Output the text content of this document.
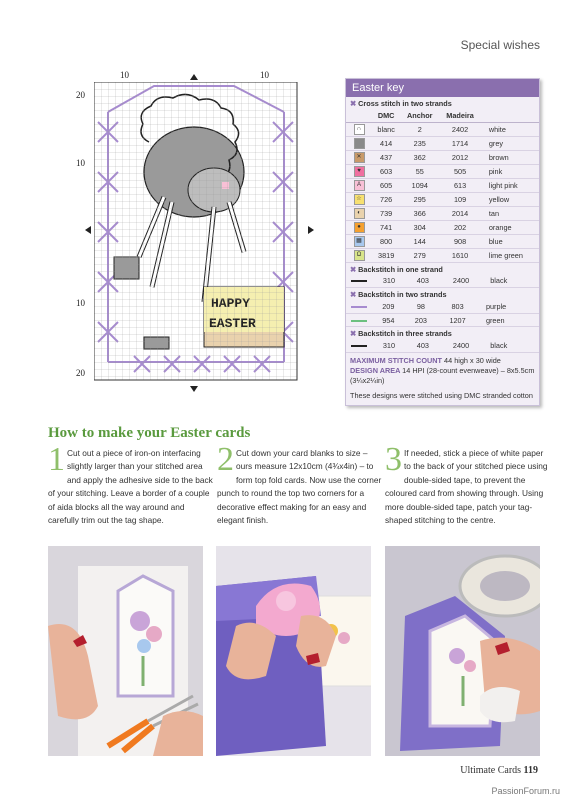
Special wishes
10	10
20
10
10
20
Easter key
✖ Cross stitch in two strands
	DMC	Anchor	Madeira	
∩	blanc	2	2402	white
	414	235	1714	grey
✕	437	362	2012	brown
♥	603	55	505	pink
A	605	1094	613	light pink
☆	726	295	109	yellow
◐	739	366	2014	tan
●	741	304	202	orange
▦	800	144	908	blue
Ω	3819	279	1610	lime green
✖ Backstitch in one strand
	310	403	2400	black
✖ Backstitch in two strands
	209	98	803	purple
	954	203	1207	green
✖ Backstitch in three strands
	310	403	2400	black
MAXIMUM STITCH COUNT 44 high x 30 wide
DESIGN AREA 14 HPI (28-count evenweave) – 8x5.5cm (3¼x2¼in)
These designs were stitched using DMC stranded cotton
How to make your Easter cards
1 Cut out a piece of iron-on interfacing slightly larger than your stitched area and apply the adhesive side to the back of your stitching. Leave a border of a couple of aida blocks all the way around and carefully trim out the tag shape.
2 Cut down your card blanks to size – ours measure 12x10cm (4¾x4in) – to form top fold cards. Now use the corner punch to round the top two corners for a decorative effect making for an easy and elegant finish.
3 If needed, stick a piece of white paper to the back of your stitched piece using double-sided tape, to prevent the coloured card from showing through. Using more double-sided tape, patch your tag-shaped stitching to the centre.
Ultimate Cards 119
PassionForum.ru
